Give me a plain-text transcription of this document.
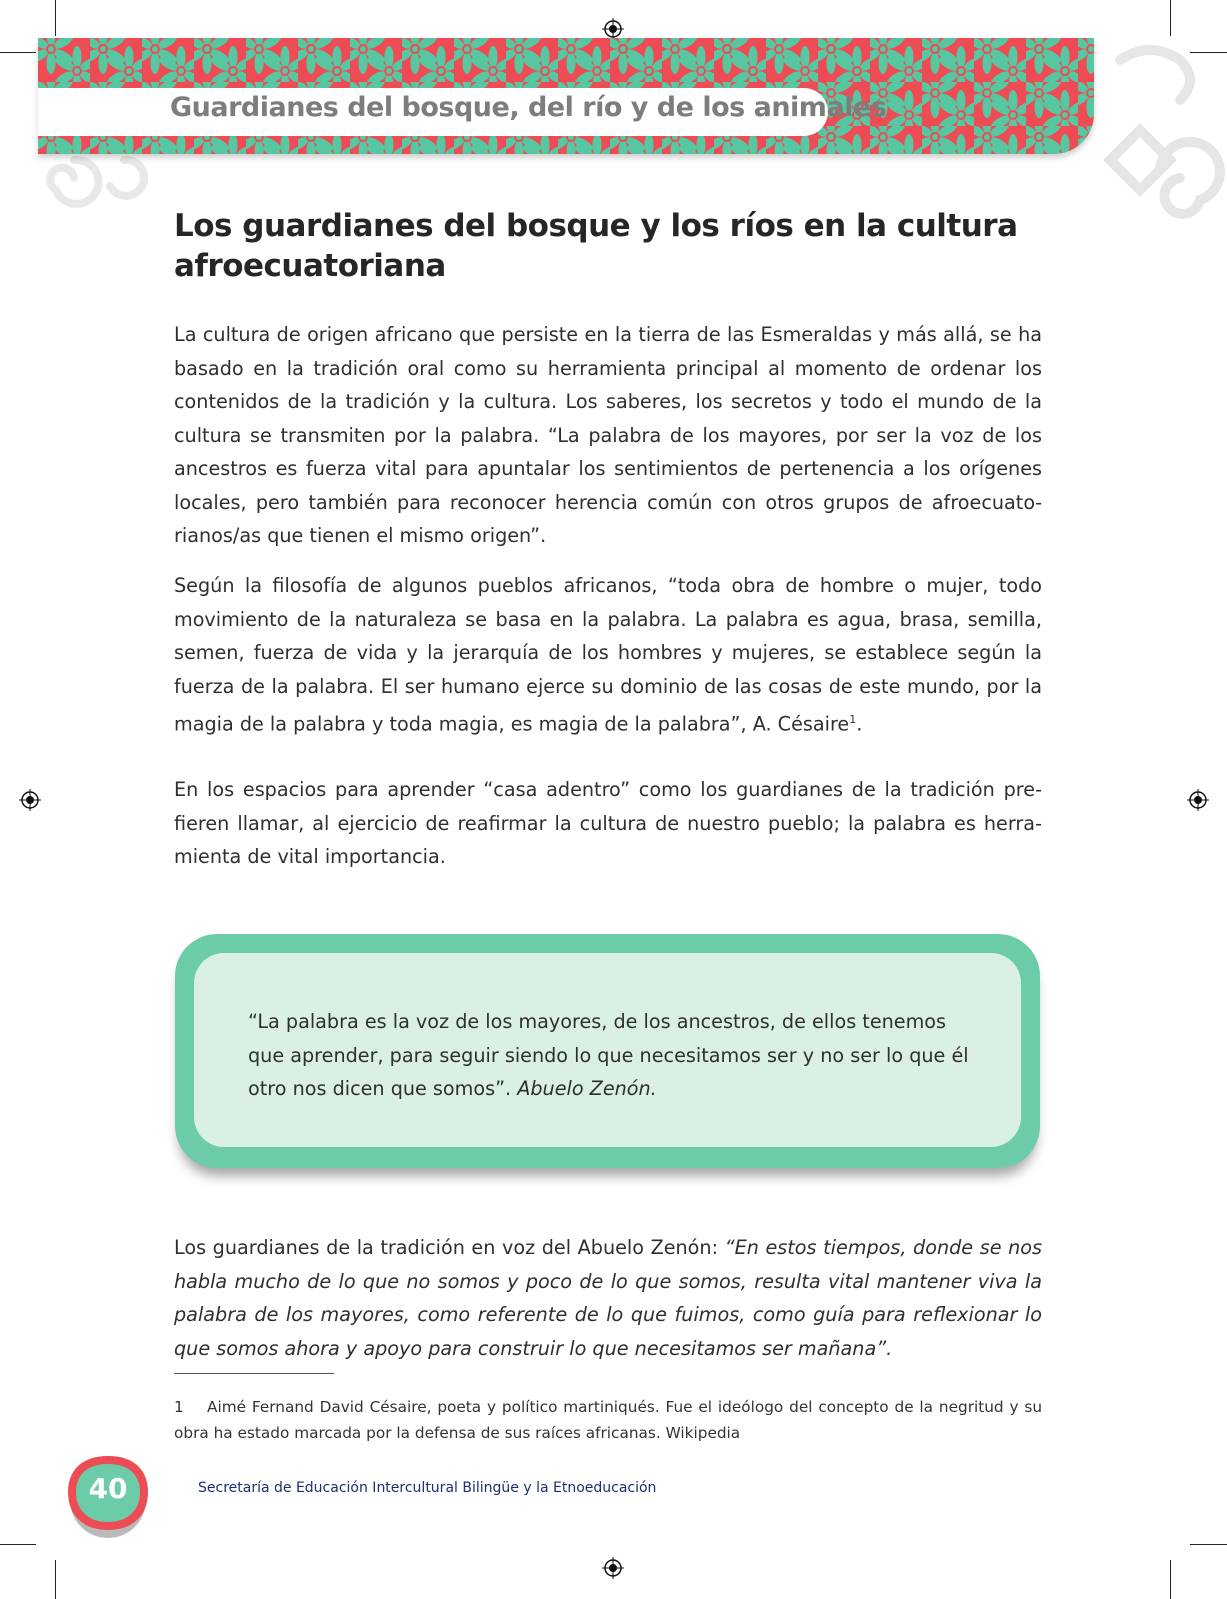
Guardianes del bosque, del río y de los animales
Los guardianes del bosque y los ríos en la cultura afroecuatoriana

La cultura de origen africano que persiste en la tierra de las Esmeraldas y más allá, se ha basado en la tradición oral como su herramienta principal al momento de ordenar los contenidos de la tradición y la cultura. Los saberes, los secretos y todo el mundo de la cultura se transmiten por la palabra. “La palabra de los mayores, por ser la voz de los ancestros es fuerza vital para apuntalar los sentimientos de pertenencia a los orígenes locales, pero también para reconocer herencia común con otros grupos de afroecuatorianos/as que tienen el mismo origen”.

Según la filosofía de algunos pueblos africanos, “toda obra de hombre o mujer, todo movimiento de la naturaleza se basa en la palabra. La palabra es agua, brasa, semilla, semen, fuerza de vida y la jerarquía de los hombres y mujeres, se establece según la fuerza de la palabra. El ser humano ejerce su dominio de las cosas de este mundo, por la magia de la palabra y toda magia, es magia de la palabra”, A. Césaire$^1$.

En los espacios para aprender “casa adentro” como los guardianes de la tradición prefieren llamar, al ejercicio de reafirmar la cultura de nuestro pueblo; la palabra es herramienta de vital importancia.

“La palabra es la voz de los mayores, de los ancestros, de ellos tenemos que aprender, para seguir siendo lo que necesitamos ser y no ser lo que él otro nos dicen que somos”. Abuelo Zenón.

Los guardianes de la tradición en voz del Abuelo Zenón: “En estos tiempos, donde se nos habla mucho de lo que no somos y poco de lo que somos, resulta vital mantener viva la palabra de los mayores, como referente de lo que fuimos, como guía para reflexionar lo que somos ahora y apoyo para construir lo que necesitamos ser mañana”.

1 Aimé Fernand David Césaire, poeta y político martiniqués. Fue el ideólogo del concepto de la negritud y su obra ha estado marcada por la defensa de sus raíces africanas. Wikipedia

40	Secretaría de Educación Intercultural Bilingüe y la Etnoeducación
